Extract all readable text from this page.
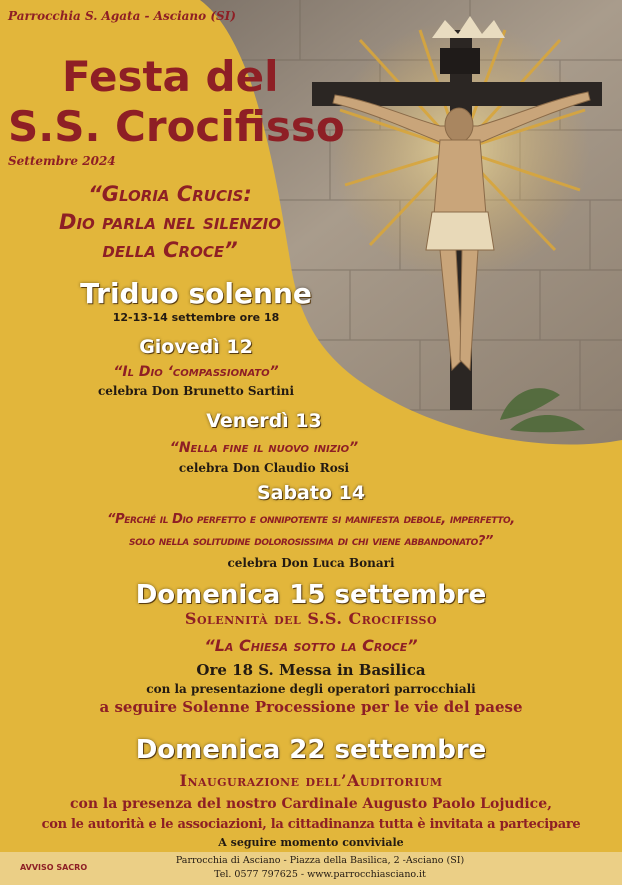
Parrocchia S. Agata - Asciano (SI)
Festa del
S.S. Crocifisso
Settembre 2024
“Gloria Crucis:
Dio parla nel silenzio
della Croce”
Triduo solenne
12-13-14 settembre ore 18
Giovedì 12
“Il Dio ‘compassionato”
celebra Don Brunetto Sartini
Venerdì 13
“Nella fine il nuovo inizio”
celebra Don Claudio Rosi
Sabato 14
“Perché il Dio perfetto e onnipotente si manifesta debole, imperfetto,
solo nella solitudine dolorosissima di chi viene abbandonato?”
celebra Don Luca Bonari
Domenica 15 settembre
Solennità del S.S. Crocifisso
“La Chiesa sotto la Croce”
Ore 18 S. Messa in Basilica
con la presentazione degli operatori parrocchiali
a seguire Solenne Processione per le vie del paese
Domenica 22 settembre
Inaugurazione dell’Auditorium
con la presenza del nostro Cardinale Augusto Paolo Lojudice,
con le autorità e le associazioni, la cittadinanza tutta è invitata a partecipare
A seguire momento conviviale
AVVISO SACRO
Parrocchia di Asciano - Piazza della Basilica, 2 -Asciano (SI)
Tel. 0577 797625 - www.parrocchiasciano.it
